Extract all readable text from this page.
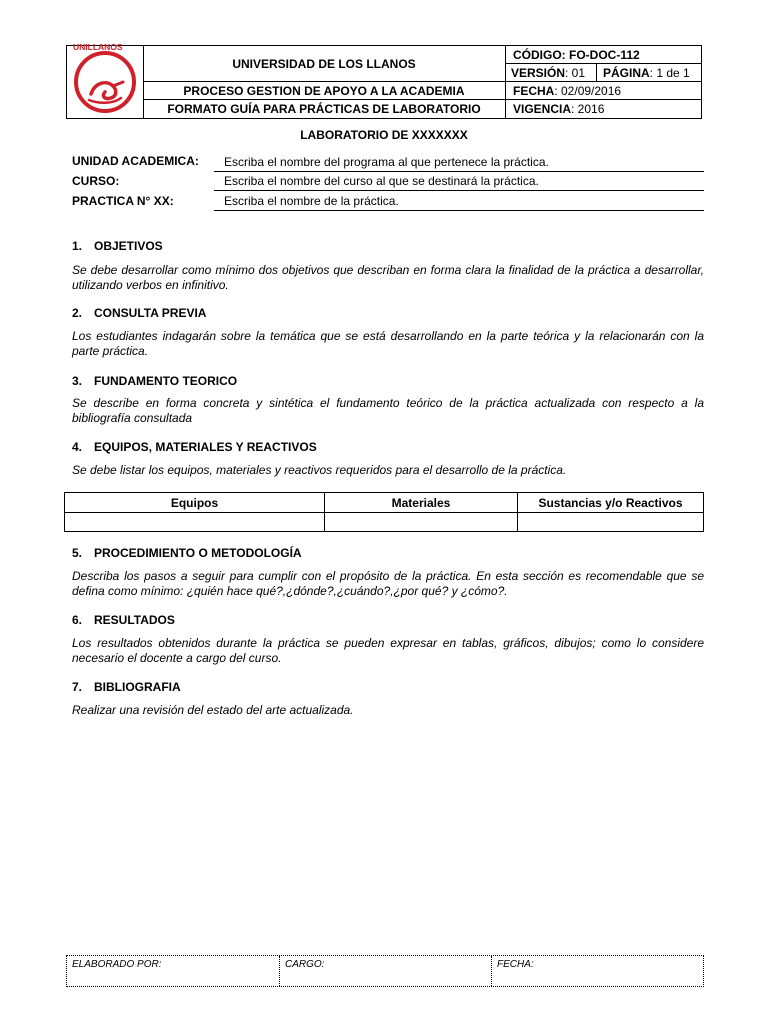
UNILLANOS
UNIVERSIDAD DE LOS LLANOS
PROCESO GESTION DE APOYO A LA ACADEMIA
FORMATO GUÍA PARA PRÁCTICAS DE LABORATORIO
CÓDIGO: FO-DOC-112
VERSIÓN : 01 PÁGINA : 1 de 1
FECHA : 02/09/2016
VIGENCIA : 2016
LABORATORIO DE XXXXXXX
UNIDAD ACADEMICA: Escriba el nombre del programa al que pertenece la práctica.
CURSO:	Escriba el nombre del curso al que se destinará la práctica.
PRACTICA N° XX:	Escriba el nombre de la práctica.
1. OBJETIVOS
Se debe desarrollar como mínimo dos objetivos que describan en forma clara la finalidad de la práctica a desarrollar, utilizando verbos en infinitivo.
2. CONSULTA PREVIA
Los estudiantes indagarán sobre la temática que se está desarrollando en la parte teórica y la relacionarán con la parte práctica.
3. FUNDAMENTO TEORICO
Se describe en forma concreta y sintética el fundamento teórico de la práctica actualizada con respecto a la bibliografía consultada
4. EQUIPOS, MATERIALES Y REACTIVOS
Se debe listar los equipos, materiales y reactivos requeridos para el desarrollo de la práctica.
Equipos	Materiales	Sustancias y/o Reactivos
5. PROCEDIMIENTO O METODOLOGÍA
Describa los pasos a seguir para cumplir con el propósito de la práctica. En esta sección es recomendable que se defina como mínimo: ¿quién hace qué?,¿dónde?,¿cuándo?,¿por qué? y ¿cómo?.
6. RESULTADOS
Los resultados obtenidos durante la práctica se pueden expresar en tablas, gráficos, dibujos; como lo considere necesario el docente a cargo del curso.
7. BIBLIOGRAFIA
Realizar una revisión del estado del arte actualizada.
ELABORADO POR:	CARGO:	FECHA:
